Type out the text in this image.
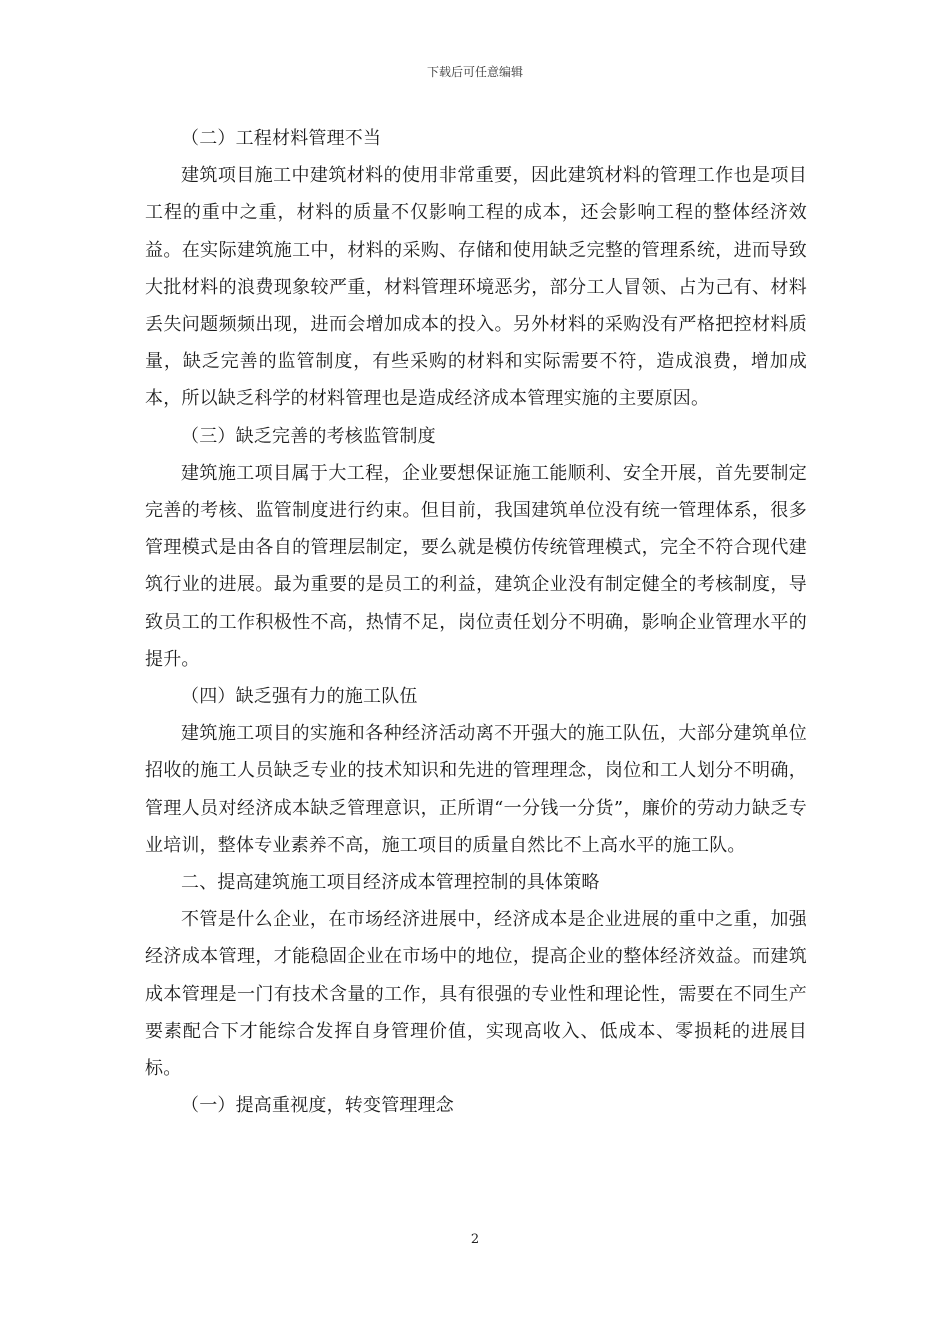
下载后可任意编辑

（二）工程材料管理不当

建筑项目施工中建筑材料的使用非常重要，因此建筑材料的管理工作也是项目工程的重中之重，材料的质量不仅影响工程的成本，还会影响工程的整体经济效益。在实际建筑施工中，材料的采购、存储和使用缺乏完整的管理系统，进而导致大批材料的浪费现象较严重，材料管理环境恶劣，部分工人冒领、占为己有、材料丢失问题频频出现，进而会增加成本的投入。另外材料的采购没有严格把控材料质量，缺乏完善的监管制度，有些采购的材料和实际需要不符，造成浪费，增加成本，所以缺乏科学的材料管理也是造成经济成本管理实施的主要原因。

（三）缺乏完善的考核监管制度

建筑施工项目属于大工程，企业要想保证施工能顺利、安全开展，首先要制定完善的考核、监管制度进行约束。但目前，我国建筑单位没有统一管理体系，很多管理模式是由各自的管理层制定，要么就是模仿传统管理模式，完全不符合现代建筑行业的进展。最为重要的是员工的利益，建筑企业没有制定健全的考核制度，导致员工的工作积极性不高，热情不足，岗位责任划分不明确，影响企业管理水平的提升。

（四）缺乏强有力的施工队伍

建筑施工项目的实施和各种经济活动离不开强大的施工队伍，大部分建筑单位招收的施工人员缺乏专业的技术知识和先进的管理理念，岗位和工人划分不明确，管理人员对经济成本缺乏管理意识，正所谓“一分钱一分货”，廉价的劳动力缺乏专业培训，整体专业素养不高，施工项目的质量自然比不上高水平的施工队。

二、提高建筑施工项目经济成本管理控制的具体策略

不管是什么企业，在市场经济进展中，经济成本是企业进展的重中之重，加强经济成本管理，才能稳固企业在市场中的地位，提高企业的整体经济效益。而建筑成本管理是一门有技术含量的工作，具有很强的专业性和理论性，需要在不同生产要素配合下才能综合发挥自身管理价值，实现高收入、低成本、零损耗的进展目标。

（一）提高重视度，转变管理理念

2
